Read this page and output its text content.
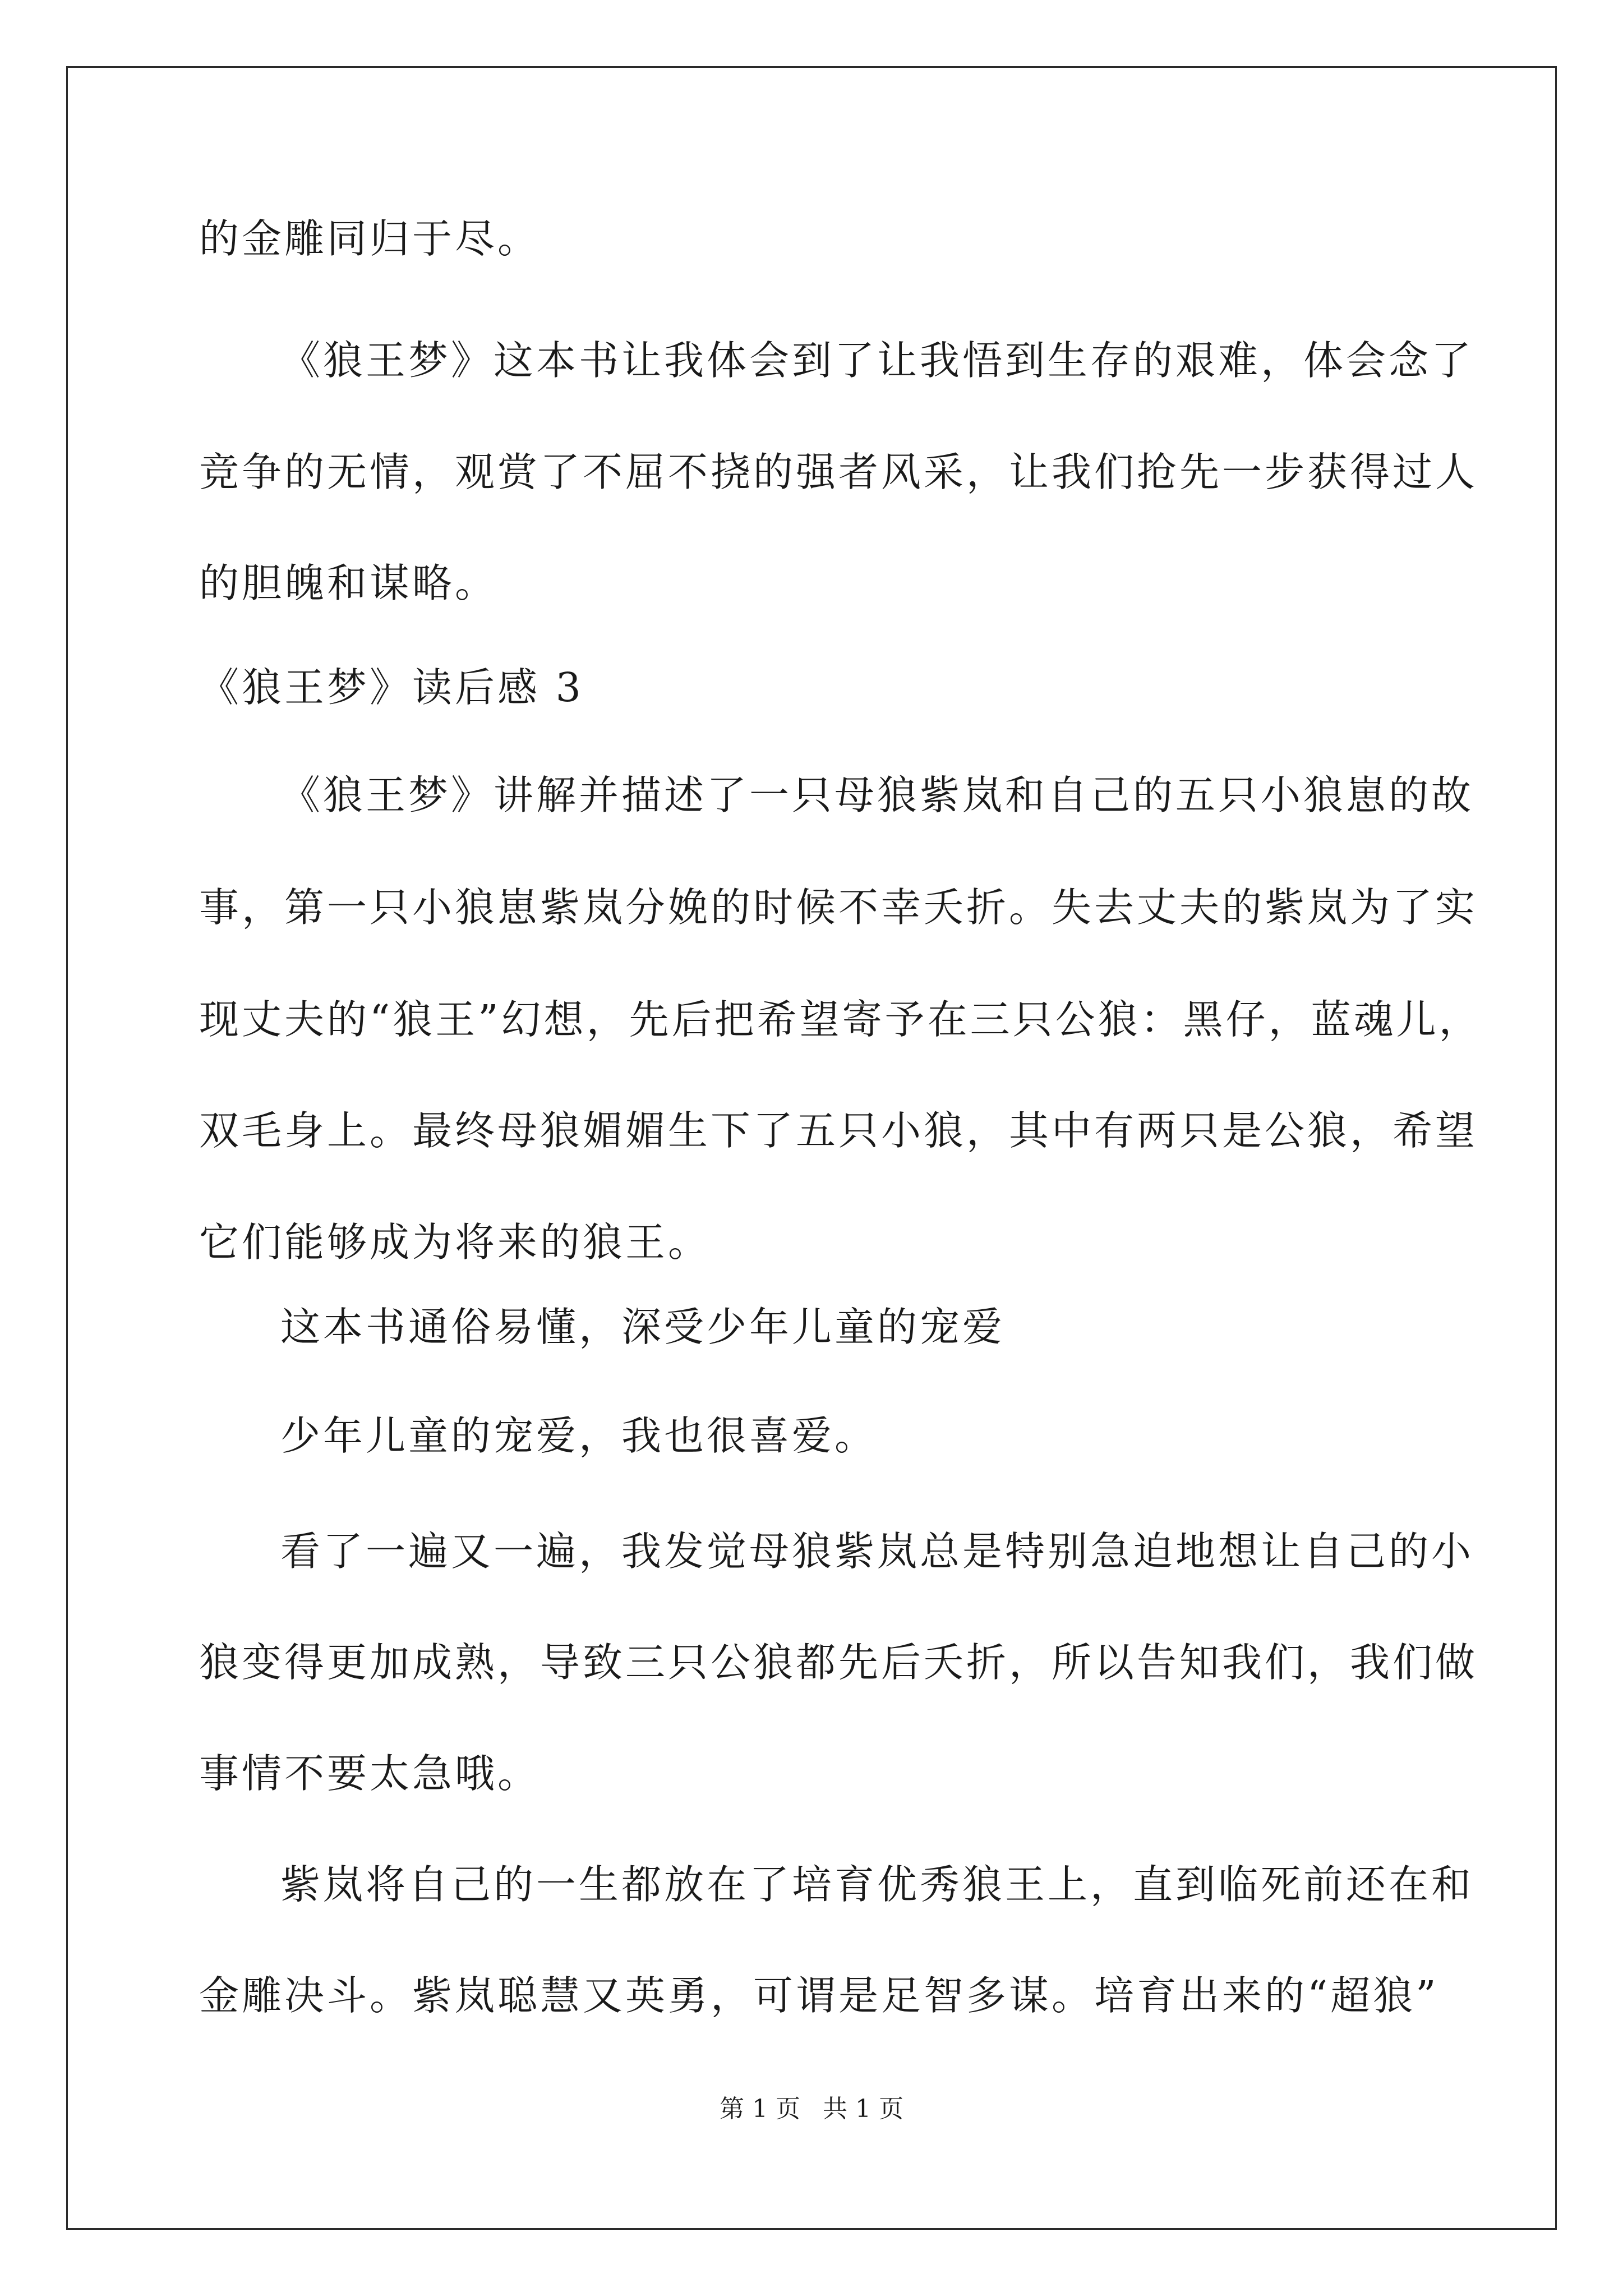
的金雕同归于尽。

《狼王梦》这本书让我体会到了让我悟到生存的艰难，体会念了

竞争的无情，观赏了不屈不挠的强者风采，让我们抢先一步获得过人

的胆魄和谋略。

《狼王梦》读后感 3

《狼王梦》讲解并描述了一只母狼紫岚和自己的五只小狼崽的故

事，第一只小狼崽紫岚分娩的时候不幸夭折。失去丈夫的紫岚为了实

现丈夫的“狼王”幻想，先后把希望寄予在三只公狼：黑仔，蓝魂儿，

双毛身上。最终母狼媚媚生下了五只小狼，其中有两只是公狼，希望

它们能够成为将来的狼王。

这本书通俗易懂，深受少年儿童的宠爱

少年儿童的宠爱，我也很喜爱。

看了一遍又一遍，我发觉母狼紫岚总是特别急迫地想让自己的小

狼变得更加成熟，导致三只公狼都先后夭折，所以告知我们，我们做

事情不要太急哦。

紫岚将自己的一生都放在了培育优秀狼王上，直到临死前还在和

金雕决斗。紫岚聪慧又英勇，可谓是足智多谋。培育出来的“超狼”

第 1 页 共 1 页
